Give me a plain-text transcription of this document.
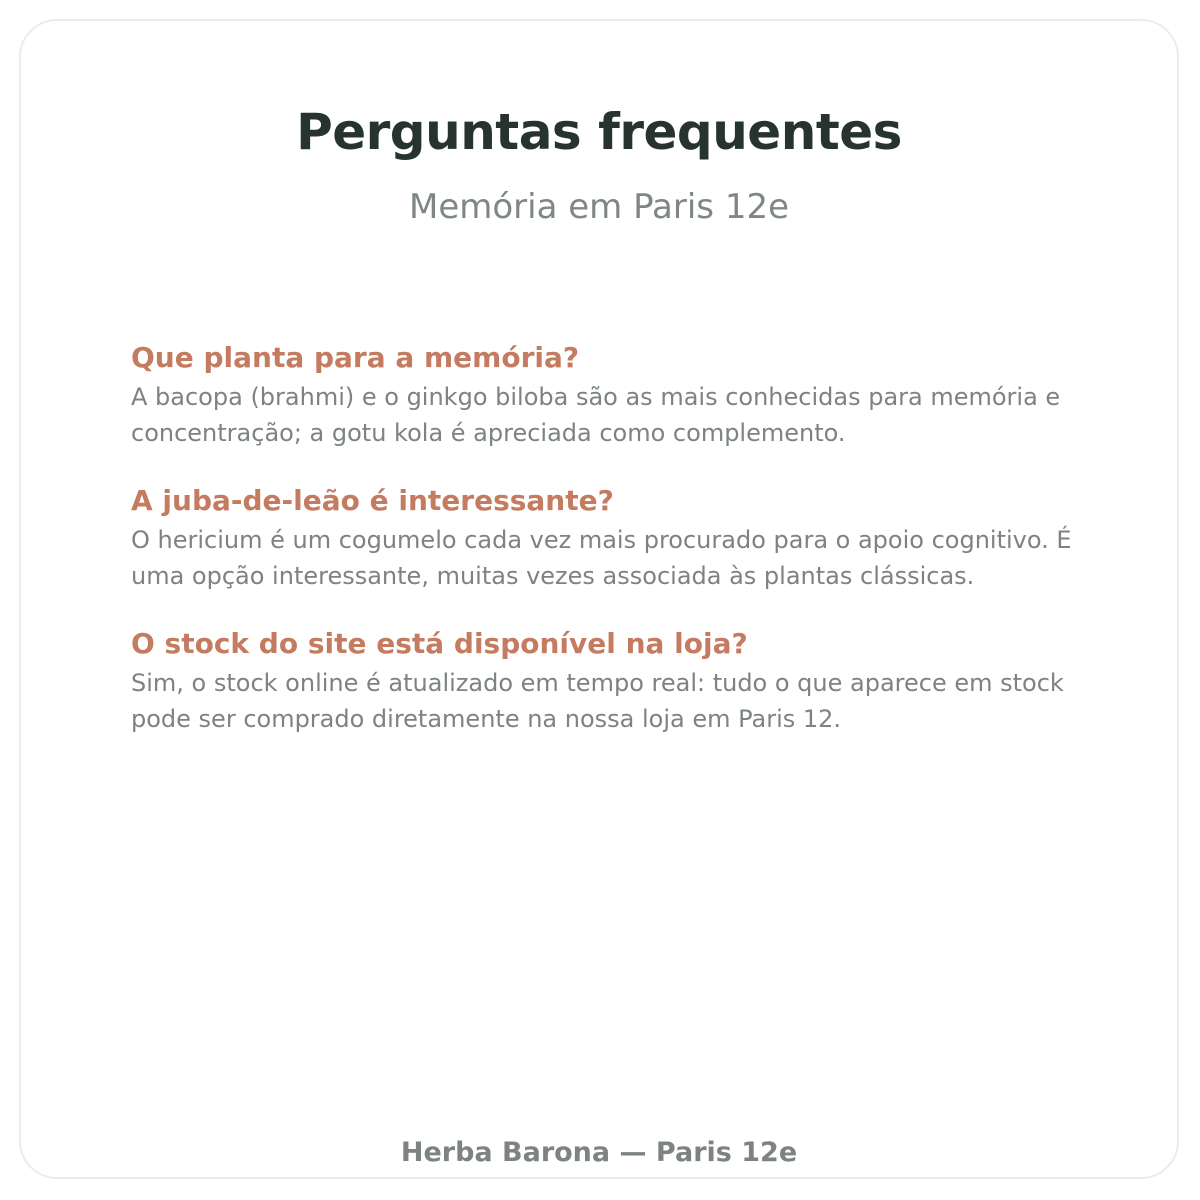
Perguntas frequentes
Memória em Paris 12e
Que planta para a memória?

A bacopa (brahmi) e o ginkgo biloba são as mais conhecidas para memória e concentração; a gotu kola é apreciada como complemento.

A juba-de-leão é interessante?

O hericium é um cogumelo cada vez mais procurado para o apoio cognitivo. É uma opção interessante, muitas vezes associada às plantas clássicas.

O stock do site está disponível na loja?

Sim, o stock online é atualizado em tempo real: tudo o que aparece em stock pode ser comprado diretamente na nossa loja em Paris 12.

Herba Barona — Paris 12e
